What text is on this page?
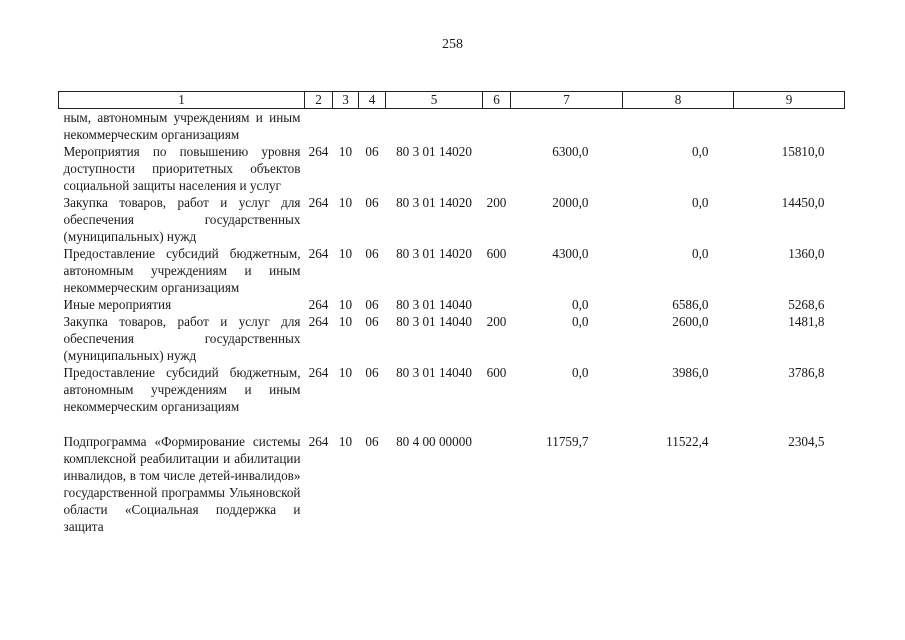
258
1	2	3	4	5	6	7	8	9
ным, автономным учреждениям и иным некоммерческим организациям								
Мероприятия по повышению уровня доступности приоритетных объектов социальной защиты населения и услуг	264	10	06	80 3 01 14020		6300,0	0,0	15810,0
Закупка товаров, работ и услуг для обеспечения государственных (муниципальных) нужд	264	10	06	80 3 01 14020	200	2000,0	0,0	14450,0
Предоставление субсидий бюджетным, автономным учреждениям и иным некоммерческим организациям	264	10	06	80 3 01 14020	600	4300,0	0,0	1360,0
Иные мероприятия	264	10	06	80 3 01 14040		0,0	6586,0	5268,6
Закупка товаров, работ и услуг для обеспечения государственных (муниципальных) нужд	264	10	06	80 3 01 14040	200	0,0	2600,0	1481,8
Предоставление субсидий бюджетным, автономным учреждениям и иным некоммерческим организациям	264	10	06	80 3 01 14040	600	0,0	3986,0	3786,8
Подпрограмма «Формирование системы комплексной реабилитации и абилитации инвалидов, в том числе детей-инвалидов» государственной программы Ульяновской области «Социальная поддержка и защита	264	10	06	80 4 00 00000		11759,7	11522,4	2304,5
